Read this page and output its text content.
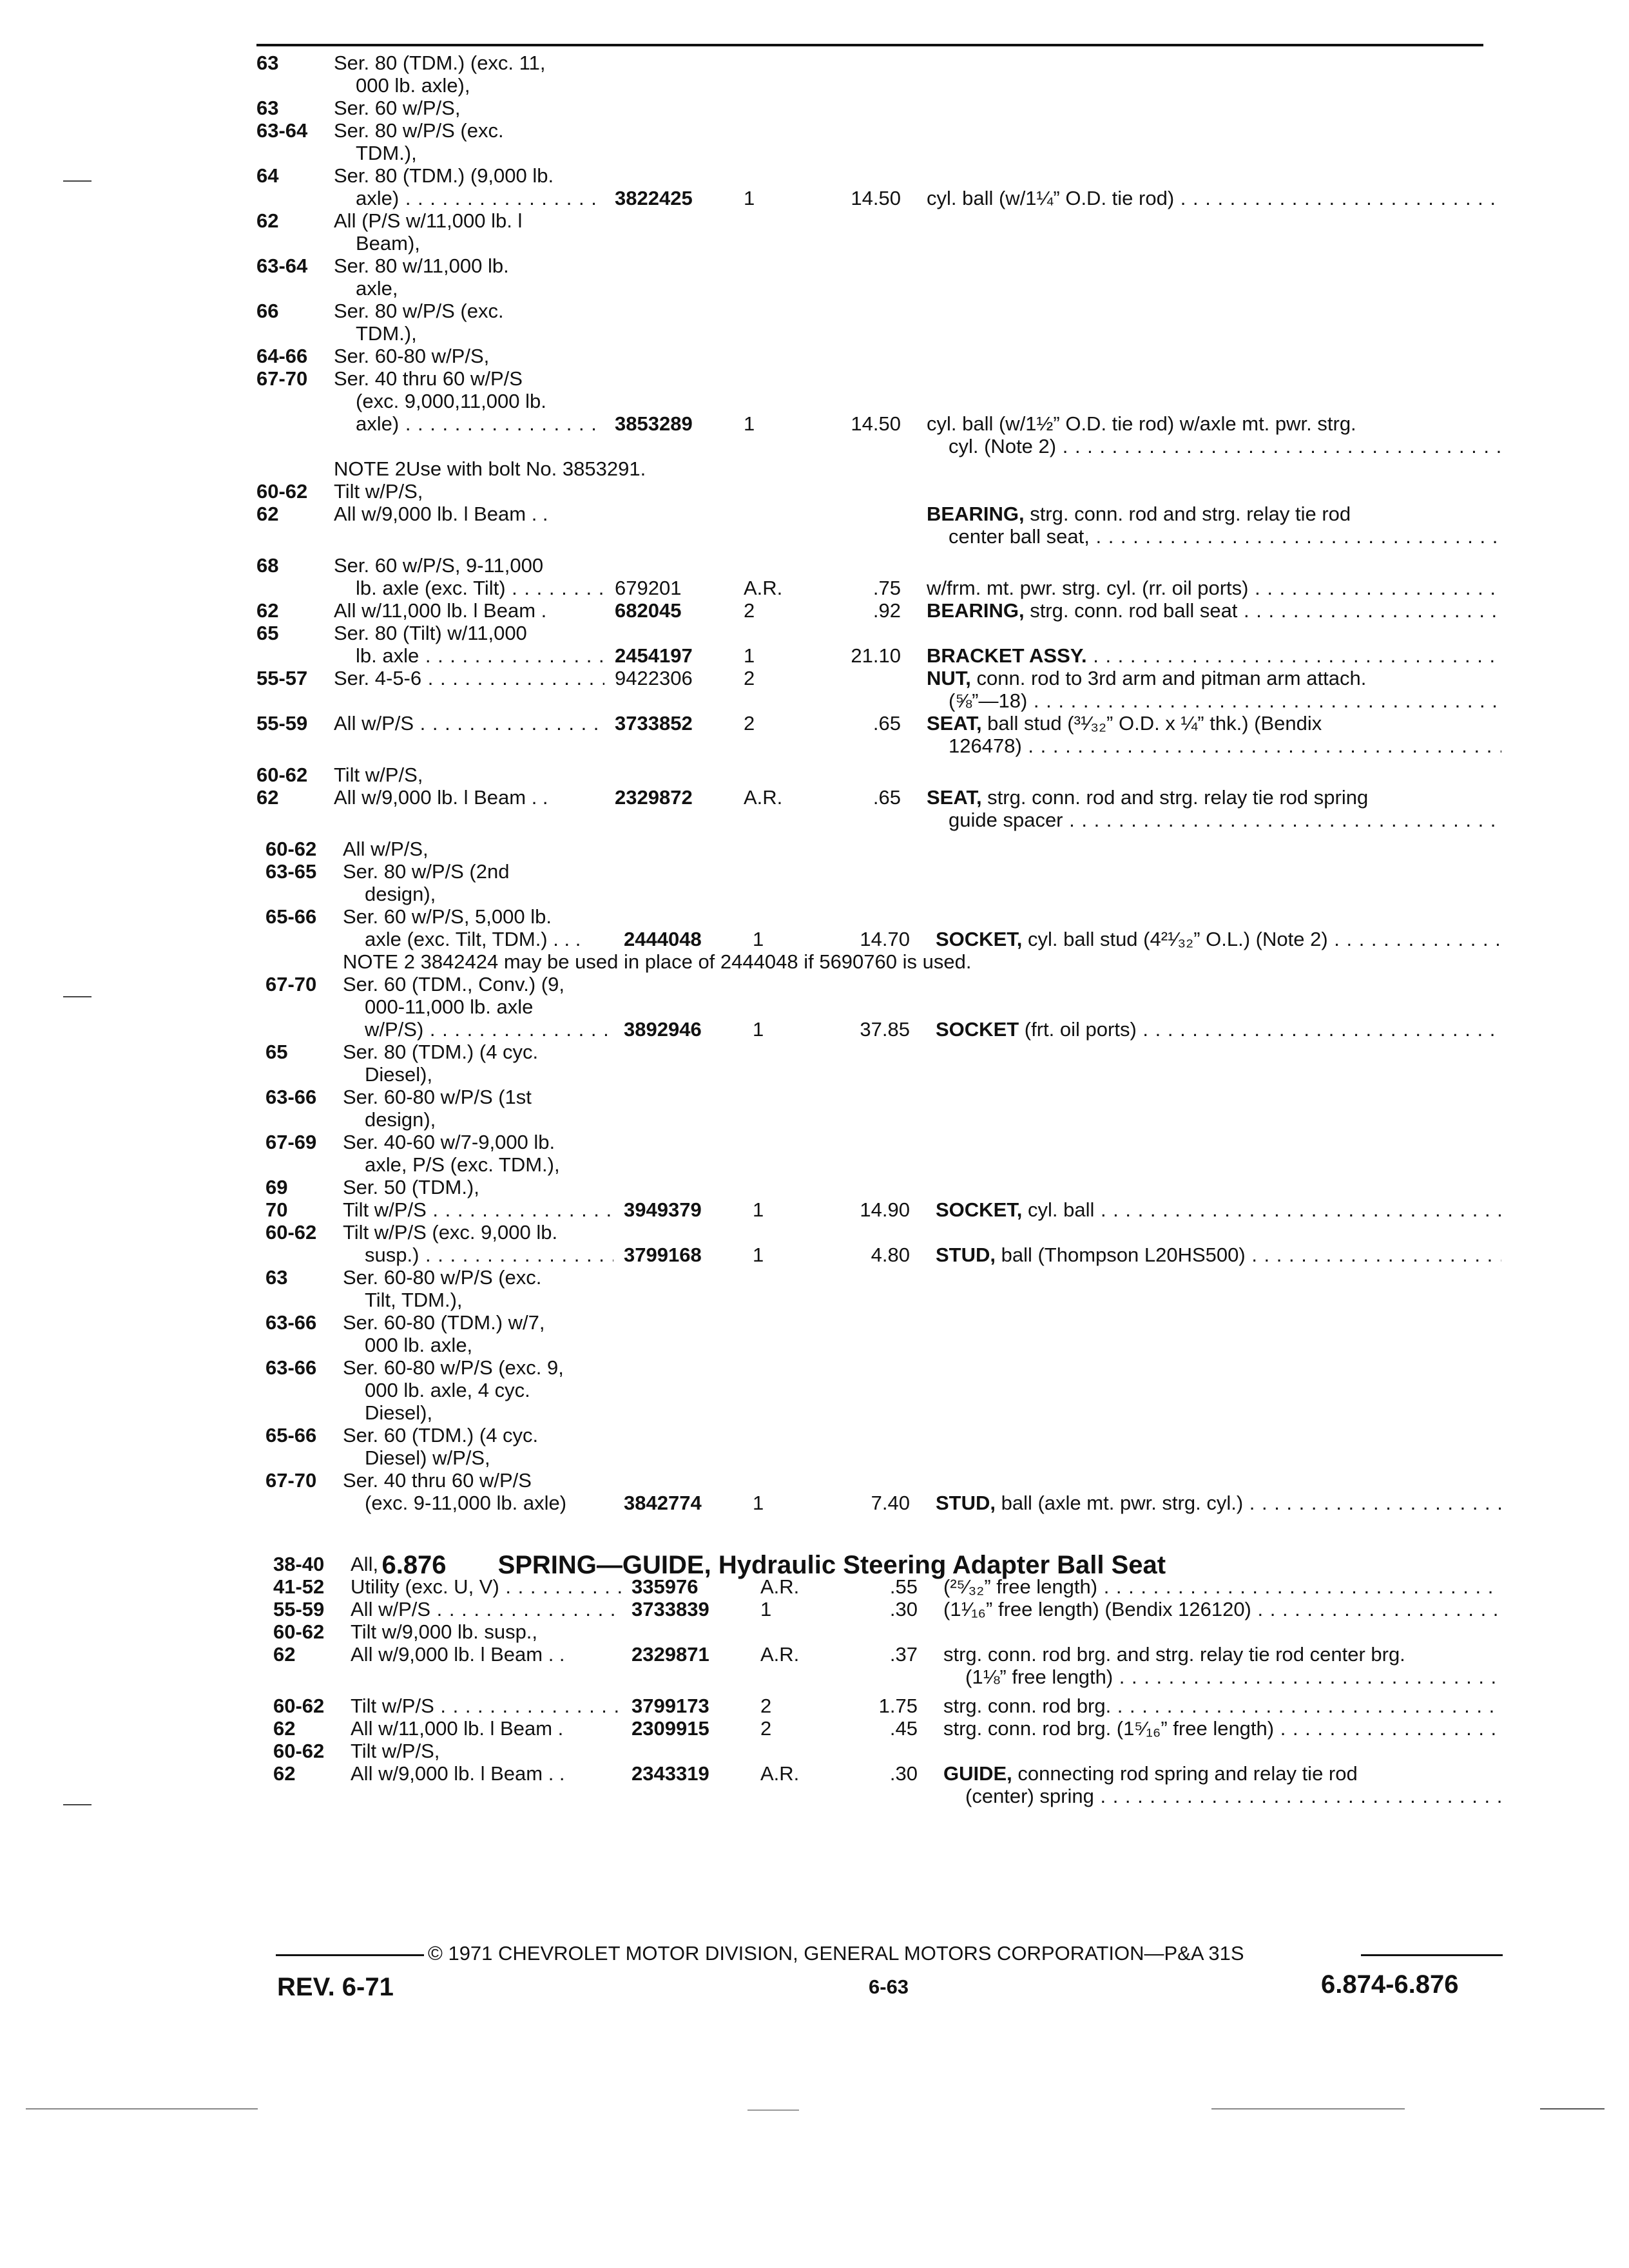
63	Ser. 80 (TDM.) (exc. 11,
000 lb. axle),
63	Ser. 60 w/P/S,
63-64 Ser. 80 w/P/S (exc.
TDM.),
64	Ser. 80 (TDM.) (9,000 lb.
axle) . . .	3822425	1	14.50 cyl. ball (w/1¼” O.D. tie rod) . . .
62	All (P/S w/11,000 lb. l
Beam),
63-64 Ser. 80 w/11,000 lb.
axle,
66	Ser. 80 w/P/S (exc.
TDM.),
64-66 Ser. 60-80 w/P/S,
67-70 Ser. 40 thru 60 w/P/S
(exc. 9,000,11,000 lb.
axle) . . .	3853289	1	14.50 cyl. ball (w/1½” O.D. tie rod) w/axle mt. pwr. strg.
cyl. (Note 2) . . .
NOTE 2Use with bolt No. 3853291.
60-62 Tilt w/P/S,
62	All w/9,000 lb. l Beam . .	BEARING, strg. conn. rod and strg. relay tie rod
center ball seat, . . .
68	Ser. 60 w/P/S, 9-11,000
lb. axle (exc. Tilt) . . .	679201	A.R.	.75 w/frm. mt. pwr. strg. cyl. (rr. oil ports) . . .
62	All w/11,000 lb. l Beam .	682045	2	.92 BEARING, strg. conn. rod ball seat . . .
65	Ser. 80 (Tilt) w/11,000
lb. axle . . .	2454197	1	21.10 BRACKET ASSY. . . .
55-57 Ser. 4-5-6 . . .	9422306	2	NUT, conn. rod to 3rd arm and pitman arm attach.
(⅝”—18) . . .
55-59 All w/P/S . . .	3733852	2	.65 SEAT, ball stud (³¹⁄₃₂” O.D. x ¼” thk.) (Bendix
126478) . . .
60-62 Tilt w/P/S,
62	All w/9,000 lb. l Beam . .	2329872	A.R.	.65 SEAT, strg. conn. rod and strg. relay tie rod spring
guide spacer . . .
60-62 All w/P/S,
63-65 Ser. 80 w/P/S (2nd
design),
65-66 Ser. 60 w/P/S, 5,000 lb.
axle (exc. Tilt, TDM.) . . .	2444048	1	14.70 SOCKET, cyl. ball stud (4²¹⁄₃₂” O.L.) (Note 2) . . .
NOTE 2 3842424 may be used in place of 2444048 if 5690760 is used.
67-70 Ser. 60 (TDM., Conv.) (9,
000-11,000 lb. axle
w/P/S) . . .	3892946	1	37.85 SOCKET (frt. oil ports) . . .
65	Ser. 80 (TDM.) (4 cyc.
Diesel),
63-66 Ser. 60-80 w/P/S (1st
design),
67-69 Ser. 40-60 w/7-9,000 lb.
axle, P/S (exc. TDM.),
69	Ser. 50 (TDM.),
70	Tilt w/P/S . . .	3949379	1	14.90 SOCKET, cyl. ball . . .
60-62 Tilt w/P/S (exc. 9,000 lb.
susp.) . . .	3799168	1	4.80 STUD, ball (Thompson L20HS500) . . .
63	Ser. 60-80 w/P/S (exc.
Tilt, TDM.),
63-66 Ser. 60-80 (TDM.) w/7,
000 lb. axle,
63-66 Ser. 60-80 w/P/S (exc. 9,
000 lb. axle, 4 cyc.
Diesel),
65-66 Ser. 60 (TDM.) (4 cyc.
Diesel) w/P/S,
67-70 Ser. 40 thru 60 w/P/S
(exc. 9-11,000 lb. axle)	3842774	1	7.40 STUD, ball (axle mt. pwr. strg. cyl.) . . .

6.876 SPRING—GUIDE, Hydraulic Steering Adapter Ball Seat

38-40 All,
41-52 Utility (exc. U, V) . . .	335976	A.R.	.55 (²⁵⁄₃₂” free length) . . .
55-59 All w/P/S . . .	3733839	1	.30 (1¹⁄₁₆” free length) (Bendix 126120) . . .
60-62 Tilt w/9,000 lb. susp.,
62	All w/9,000 lb. l Beam . .	2329871	A.R.	.37 strg. conn. rod brg. and strg. relay tie rod center brg.
(1⅛” free length) . . .
60-62 Tilt w/P/S . . .	3799173	2	1.75 strg. conn. rod brg. . . .
62	All w/11,000 lb. l Beam .	2309915	2	.45 strg. conn. rod brg. (1⁵⁄₁₆” free length) . . .
60-62 Tilt w/P/S,
62	All w/9,000 lb. l Beam . .	2343319	A.R.	.30 GUIDE, connecting rod spring and relay tie rod
(center) spring . . .
© 1971 CHEVROLET MOTOR DIVISION, GENERAL MOTORS CORPORATION—P&A 31S
REV. 6-71	6-63	6.874-6.876
